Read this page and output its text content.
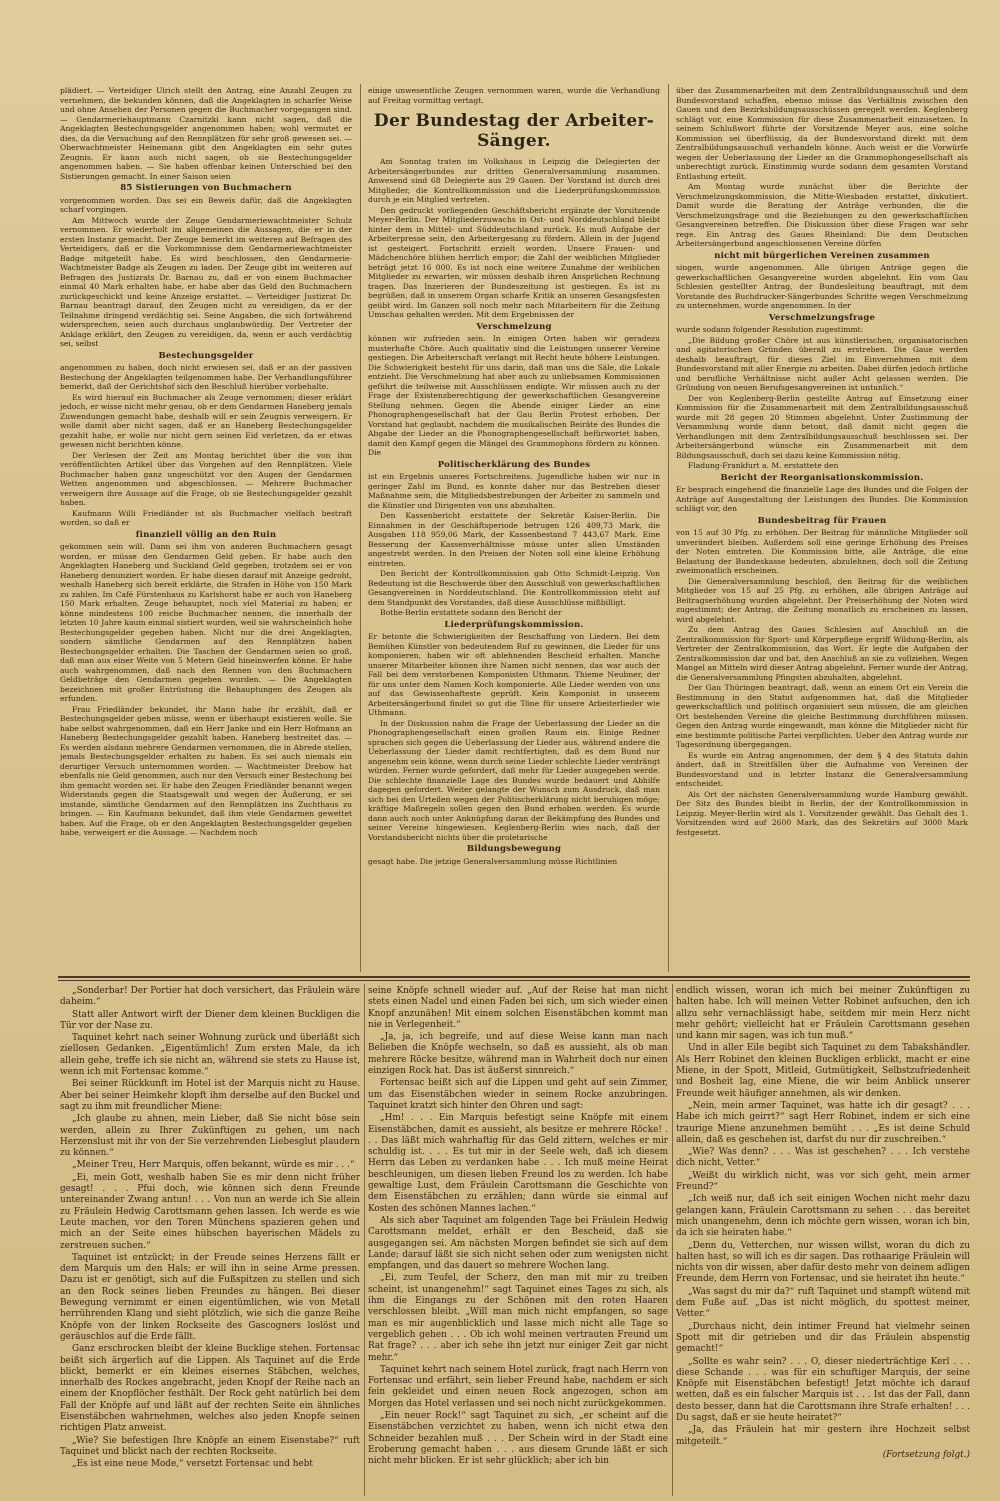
plädiert. — Verteidiger Ulrich stellt den Antrag, eine Anzahl Zeugen zu vernehmen, die bekunden können, daß die Angeklagten in scharfer Weise und ohne Ansehen der Personen gegen die Buchmacher vorgegangen sind. — Gendarmeriehauptmann Czarnitzki kann nicht sagen, daß die Angeklagten Bestechungsgelder angenommen haben; wohl vermutet er dies, da die Versuchung auf den Rennplätzen für sehr groß gewesen sei. — Oberwachtmeister Heinemann gibt den Angeklagten ein sehr gutes Zeugnis. Er kann auch nicht sagen, ob sie Bestechungsgelder angenommen haben. — Sie haben offenbar keinen Unterschied bei den Sistierungen gemacht. In einer Saison seien

85 Sistierungen von Buchmachern

vorgenommen worden. Das sei ein Beweis dafür, daß die Angeklagten scharf vorgingen.

Am Mittwoch wurde der Zeuge Gendarmeriewachtmeister Schulz vernommen. Er wiederholt im allgemeinen die Aussagen, die er in der ersten Instanz gemacht. Der Zeuge bemerkt im weiteren auf Befragen des Verteidigers, daß er die Vorkommnisse dem Gendarmeriewachtmeister Badge mitgeteilt habe. Es wird beschlossen, den Gendarmerie-Wachtmeister Badge als Zeugen zu laden. Der Zeuge gibt im weiteren auf Befragen des Justizrats Dr. Barnau zu, daß er von einem Buchmacher einmal 40 Mark erhalten habe, er habe aber das Geld den Buchmachern zurückgeschickt und keine Anzeige erstattet. — Verteidiger Justizrat Dr. Barnau beantragt darauf, den Zeugen nicht zu vereidigen, da er der Teilnahme dringend verdächtig sei. Seine Angaben, die sich fortwährend widersprechen, seien auch durchaus unglaubwürdig. Der Vertreter der Anklage erklärt, den Zeugen zu vereidigen, da, wenn er auch verdächtig sei, selbst

Bestechungsgelder

angenommen zu haben, doch nicht erwiesen sei, daß er an der passiven Bestechung der Angeklagten teilgenommen habe. Der Verhandlungsführer bemerkt, daß der Gerichtshof sich den Beschluß hierüber vorbehalte.

Es wird hierauf ein Buchmacher als Zeuge vernommen; dieser erklärt jedoch, er wisse nicht mehr genau, ob er dem Gendarmen Haneberg jemals Zuwendungen gemacht habe, deshalb will er sein Zeugnis verweigern. Er wolle damit aber nicht sagen, daß er an Haneberg Bestechungsgelder gezahlt habe, er wolle nur nicht gern seinen Eid verletzen, da er etwas gewesen nicht berichten könne.

Der Verlesen der Zeit am Montag berichtet über die von ihm veröffentlichten Artikel über das Vorgehen auf den Rennplätzen. Viele Buchmacher haben ganz ungeschützt vor den Augen der Gendarmen Wetten angenommen und abgeschlossen. — Mehrere Buchmacher verweigern ihre Aussage auf die Frage, ob sie Bestechungsgelder gezahlt haben.

Kaufmann Willi Friedländer ist als Buchmacher vielfach bestraft worden, so daß er

finanziell völlig an den Ruin

gekommen sein will. Dann sei ihm von anderen Buchmachern gesagt worden, er müsse den Gendarmen Geld geben. Er habe auch den Angeklagten Haneberg und Suckland Geld gegeben, trotzdem sei er von Haneberg denunziert worden. Er habe diesen darauf mit Anzeige gedroht, weshalb Haneberg sich bereit erklärte, die Strafen in Höhe von 150 Mark zu zahlen. Im Café Fürstenhaus zu Karlshorst habe er auch von Haneberg 150 Mark erhalten. Zeuge behauptet, noch viel Material zu haben; er könne mindestens 100 reiche Buchmacher nennen, die innerhalb der letzten 10 Jahre kaum einmal sistiert wurden, weil sie wahrscheinlich hohe Bestechungsgelder gegeben haben. Nicht nur die drei Angeklagten, sondern sämtliche Gendarmen auf den Rennplätzen haben Bestechungsgelder erhalten. Die Taschen der Gendarmen seien so groß, daß man aus einer Weite von 5 Metern Geld hineinwerfen könne. Er habe auch wahrgenommen, daß nach den Rennen von den Buchmachern Geldbeträge den Gendarmen gegeben wurden. — Die Angeklagten bezeichnen mit großer Entrüstung die Behauptungen des Zeugen als erfunden.

Frau Friedländer bekundet, ihr Mann habe ihr erzählt, daß er Bestechungsgelder geben müsse, wenn er überhaupt existieren wolle. Sie habe selbst wahrgenommen, daß ein Herr Janke und ein Herr Hofmann an Haneberg Bestechungsgelder gezahlt haben. Haneberg bestreitet das. — Es werden alsdann mehrere Gendarmen vernommen, die in Abrede stellen, jemals Bestechungsgelder erhalten zu haben. Es sei auch niemals ein derartiger Versuch unternommen worden. — Wachtmeister Drebow hat ebenfalls nie Geld genommen, auch nur den Versuch einer Bestechung bei ihm gemacht worden sei. Er habe den Zeugen Friedländer benannt wegen Widerstands gegen die Staatsgewalt und wegen der Äußerung, er sei imstande, sämtliche Gendarmen auf den Rennplätzen ins Zuchthaus zu bringen. — Ein Kaufmann bekundet, daß ihm viele Gendarmen gewettet haben. Auf die Frage, ob er den Angeklagten Bestechungsgelder gegeben habe, verweigert er die Aussage. — Nachdem noch

einige unwesentliche Zeugen vernommen waren, wurde die Verhandlung auf Freitag vormittag vertagt.

Der Bundestag der Arbeiter-Sänger.

Am Sonntag traten im Volkshaus in Leipzig die Delegierten der Arbeitersängerbundes zur dritten Generalversammlung zusammen. Anwesend sind 68 Delegierte aus 29 Gauen. Der Vorstand ist durch drei Mitglieder, die Kontrollkommission und die Liederprüfungskommission durch je ein Mitglied vertreten.

Den gedruckt vorliegenden Geschäftsbericht ergänzte der Vorsitzende Meyer-Berlin. Der Mitgliederzuwachs in Ost- und Norddeutschland bleibt hinter dem in Mittel- und Süddeutschland zurück. Es muß Aufgabe der Arbeiterpresse sein, den Arbeitergesang zu fördern. Allein in der Jugend ist gesteigert. Fortschritt erzielt worden. Unsere Frauen- und Mädchenchöre blühen herrlich empor; die Zahl der weiblichen Mitglieder beträgt jetzt 16 000. Es ist noch eine weitere Zunahme der weiblichen Mitglieder zu erwarten, wir müssen deshalb ihren Ansprüchen Rechnung tragen. Das Inzerieren der Bundeszeitung ist gestiegen. Es ist zu begrüßen, daß in unserem Organ scharfe Kritik an unseren Gesangsfesten geübt wird. Im Ganzen soll noch mehr nach Mitarbeitern für die Zeitung Umschau gehalten werden. Mit dem Ergebnissen der

Verschmelzung

können wir zufrieden sein. In einigen Orten haben wir geradezu musterhafte Chöre. Auch qualitativ sind die Leistungen unserer Vereine gestiegen. Die Arbeiterschaft verlangt mit Recht heute höhere Leistungen. Die Schwierigkeit besteht für uns darin, daß man uns die Säle, die Lokale entzieht. Die Verschmelzung hat aber auch zu unliebsamen Kommissionen geführt die teilweise mit Ausschlüssen endigte. Wir müssen auch zu der Frage der Existenzberechtigung der gewerkschaftlichen Gesangvereine Stellung nehmen. Gegen die Abende einiger Lieder an eine Phonographengesellschaft hat der Gau Berlin Protest erhoben. Der Vorstand hat geglaubt, nachdem die musikalischen Beiräte des Bundes die Abgabe der Lieder an die Phonographengesellschaft befürwortet haben, damit den Kampf gegen die Mängel des Grammophons fördern zu können. Die

Politischerklärung des Bundes

ist ein Ergebnis unseres Fortschreitens. Jugendliche haben wir nur in geringer Zahl im Bund, es konnte daher nur das Bestreben dieser Maßnahme sein, die Mitgliedsbestrebungen der Arbeiter zu sammeln und die Künstler und Dirigenten von uns abzuhalten.

Den Kassenbericht erstattete der Sekretär Kaiser-Berlin. Die Einnahmen in der Geschäftsperiode betrugen 126 409,73 Mark, die Ausgaben 118 959,06 Mark, der Kassenbestand 7 443,67 Mark. Eine Besserung der Kassenverhältnisse müsse unter allen Umständen angestrebt werden. In den Preisen der Noten soll eine kleine Erhöhung eintreten.

Den Bericht der Kontrollkommission gab Otto Schmidt-Leipzig. Von Bedeutung ist die Beschwerde über den Ausschluß von gewerkschaftlichen Gesangvereinen in Norddeutschland. Die Kontrollkommission steht auf dem Standpunkt des Vorstandes, daß diese Ausschlüsse mißbilligt.

Bothe-Berlin erstattete sodann den Bericht der

Liederprüfungskommission.

Er betonte die Schwierigkeiten der Beschaffung von Liedern. Bei dem Bemühen Künstler von bedeutendem Ruf zu gewinnen, die Lieder für uns komponieren, haben wir oft ablehnenden Bescheid erhalten. Manche unserer Mitarbeiter können ihre Namen nicht nennen, das war auch der Fall bei dem verstorbenen Komponisten Uthmann. Thieme Neubner, der für uns unter dem Namen Koch komponierte. Alle Lieder werden von uns auf das Gewissenhafteste geprüft. Kein Komponist in unserem Arbeitersängerbund findet so gut die Töne für unsere Arbeiterlieder wie Uthmann.

In der Diskussion nahm die Frage der Ueberlassung der Lieder an die Phonographengesellschaft einen großen Raum ein. Einige Redner sprachen sich gegen die Ueberlassung der Lieder aus, während andere die Ueberlassung der Lieder damit rechtfertigten, daß es dem Bund nur angenehm sein könne, wenn durch seine Lieder schlechte Lieder verdrängt würden. Ferner wurde gefordert, daß mehr für Lieder ausgegeben werde. Die schlechte finanzielle Lage des Bundes wurde bedauert und Abhilfe dagegen gefordert. Weiter gelangte der Wunsch zum Ausdruck, daß man sich bei den Urteilen wegen der Politischerklärung nicht beruhigen möge; kräftige Maßregeln sollen gegen den Bund erhoben werden. Es wurde dann auch noch unter Anknüpfung daran der Bekämpfung des Bundes und seiner Vereine hingewiesen. Keglenberg-Berlin wies nach, daß der Vorstandsbericht nichts über die proletarische

Bildungsbewegung

gesagt habe. Die jetzige Generalversammlung müsse Richtlinien

über das Zusammenarbeiten mit dem Zentralbildungsausschuß und dem Bundesvorstand schaffen, ebenso müsse das Verhältnis zwischen den Gauen und den Bezirksbildungsausschüssen geregelt werden. Keglenberg schlägt vor, eine Kommission für diese Zusammenarbeit einzusetzen. In seinem Schlußwort führte der Vorsitzende Meyer aus, eine solche Kommission sei überflüssig, da der Bundesvorstand direkt mit dem Zentralbildungsausschuß verhandeln könne. Auch weist er die Vorwürfe wegen der Ueberlassung der Lieder an die Grammophongesellschaft als unberechtigt zurück. Einstimmig wurde sodann dem gesamten Vorstand Entlastung erteilt.

Am Montag wurde zunächst über die Berichte der Verschmelzungskommission, die Mitte-Wiesbaden erstattet, diskutiert. Damit wurde die Beratung der Anträge verbunden, die die Verschmelzungsfrage und die Beziehungen zu den gewerkschaftlichen Gesangvereinen betreffen. Die Diskussion über diese Fragen war sehr rege. Ein Antrag des Gaues Rheinland: Die dem Deutschen Arbeitersängerbund angeschlossenen Vereine dürfen

nicht mit bürgerlichen Vereinen zusammen

singen, wurde angenommen. Alle übrigen Anträge gegen die gewerkschaftlichen Gesangvereine wurden abgelehnt. Ein vom Gau Schlesien gestellter Antrag, der Bundesleitung beauftragt, mit dem Vorstande des Buchdrucker-Sängerbundes Schritte wegen Verschmelzung zu unternehmen, wurde angenommen. In der

Verschmelzungsfrage

wurde sodann folgender Resolution zugestimmt:

„Die Bildung großer Chöre ist aus künstlerischen, organisatorischen und agitatorischen Gründen überall zu erstreben. Die Gaue werden deshalb beauftragt, für dieses Ziel im Einvernehmen mit dem Bundesvorstand mit aller Energie zu arbeiten. Dabei dürfen jedoch örtliche und berufliche Verhältnisse nicht außer Acht gelassen werden. Die Gründung von neuen Berufsgesangvereinen ist untunlich.“

Der von Keglenberg-Berlin gestellte Antrag auf Einsetzung einer Kommission für die Zusammenarbeit mit dem Zentralbildungsausschuß wurde mit 28 gegen 20 Stimmen abgelehnt. Unter Zustimmung der Versammlung wurde dann betont, daß damit nicht gegen die Verhandlungen mit dem Zentralbildungsausschuß beschlossen sei. Der Arbeitersängerbund wünsche ein Zusammenarbeit mit dem Bildungsausschuß, doch sei dazu keine Kommission nötig.

Fladung-Frankfurt a. M. erstattete den

Bericht der Reorganisationskommission.

Er besprach eingehend die finanzielle Lage des Bundes und die Folgen der Anträge auf Ausgestaltung der Leistungen des Bundes. Die Kommission schlägt vor, den

Bundesbeitrag für Frauen

von 15 auf 30 Pfg. zu erhöhen. Der Beitrag für männliche Mitglieder soll unverändert bleiben. Außerdem soll eine geringe Erhöhung des Preises der Noten eintreten. Die Kommission bitte, alle Anträge, die eine Belastung der Bundeskasse bedeuten, abzulehnen, doch soll die Zeitung zweimonatlich erscheinen.

Die Generalversammlung beschloß, den Beitrag für die weiblichen Mitglieder von 15 auf 25 Pfg. zu erhöhen, alle übrigen Anträge auf Beitragserhöhung wurden abgelehnt. Der Preiserhöhung der Noten wird zugestimmt; der Antrag, die Zeitung monatlich zu erscheinen zu lassen, wird abgelehnt.

Zu dem Antrag des Gaues Schlesien auf Anschluß an die Zentralkommission für Sport- und Körperpflege ergriff Wildung-Berlin, als Vertreter der Zentralkommission, das Wort. Er legte die Aufgaben der Zentralkommission dar und bat, den Anschluß an sie zu vollziehen. Wegen Mangel an Mitteln wird dieser Antrag abgelehnt. Ferner wurde der Antrag, die Generalversammlung Pfingsten abzuhalten, abgelehnt.

Der Gau Thüringen beantragt, daß, wenn an einem Ort ein Verein die Bestimmung in den Statut aufgenommen hat, daß die Mitglieder gewerkschaftlich und politisch organisiert sein müssen, die am gleichen Ort bestehenden Vereine die gleiche Bestimmung durchführen müssen. Gegen den Antrag wurde eingewandt, man könne die Mitglieder nicht für eine bestimmte politische Partei verpflichten. Ueber den Antrag wurde zur Tagesordnung übergegangen.

Es wurde ein Antrag angenommen, der dem § 4 des Statuts dahin ändert, daß in Streitfällen über die Aufnahme von Vereinen der Bundesvorstand und in letzter Instanz die Generalversammlung entscheidet.

Als Ort der nächsten Generalversammlung wurde Hamburg gewählt. Der Sitz des Bundes bleibt in Berlin, der der Kontrollkommission in Leipzig. Meyer-Berlin wird als 1. Vorsitzender gewählt. Das Gehalt des 1. Vorsitzenden wird auf 2600 Mark, das des Sekretärs auf 3000 Mark festgesetzt.

„Sonderbar! Der Portier hat doch versichert, das Fräulein wäre daheim.“

Statt aller Antwort wirft der Diener dem kleinen Buckligen die Tür vor der Nase zu.

Taquinet kehrt nach seiner Wohnung zurück und überläßt sich ziellosen Gedanken. „Eigentümlich! Zum ersten Male, da ich allein gehe, treffe ich sie nicht an, während sie stets zu Hause ist, wenn ich mit Fortensac komme.“

Bei seiner Rückkunft im Hotel ist der Marquis nicht zu Hause. Aber bei seiner Heimkehr klopft ihm derselbe auf den Buckel und sagt zu ihm mit freundlicher Miene:

„Ich glaube zu ahnen, mein Lieber, daß Sie nicht böse sein werden, allein zu Ihrer Zukünftigen zu gehen, um nach Herzenslust mit ihr von der Sie verzehrenden Liebesglut plaudern zu können.“

„Meiner Treu, Herr Marquis, offen bekannt, würde es mir . . .“

„Ei, mein Gott, weshalb haben Sie es mir denn nicht früher gesagt! . . . Pfui doch, wie können sich denn Freunde untereinander Zwang antun! . . . Von nun an werde ich Sie allein zu Fräulein Hedwig Carottsmann gehen lassen. Ich werde es wie Leute machen, vor den Toren Münchens spazieren gehen und mich an der Seite eines hübschen bayerischen Mädels zu zerstreuen suchen.“

Taquinet ist entzückt; in der Freude seines Herzens fällt er dem Marquis um den Hals; er will ihn in seine Arme pressen. Dazu ist er genötigt, sich auf die Fußspitzen zu stellen und sich an den Rock seines lieben Freundes zu hängen. Bei dieser Bewegung vernimmt er einen eigentümlichen, wie von Metall herrührenden Klang und sieht plötzlich, wie sich die ganze Reihe Knöpfe von der linken Rockseite des Gascogners loslöst und geräuschlos auf die Erde fällt.

Ganz erschrocken bleibt der kleine Bucklige stehen. Fortensac beißt sich ärgerlich auf die Lippen. Als Taquinet auf die Erde blickt, bemerkt er ein kleines eisernes Stäbchen, welches, innerhalb des Rockes angebracht, jeden Knopf der Reihe nach an einem der Knopflöcher festhält. Der Rock geht natürlich bei dem Fall der Knöpfe auf und läßt auf der rechten Seite ein ähnliches Eisenstäbchen wahrnehmen, welches also jeden Knopfe seinen richtigen Platz anweist.

„Wie? Sie befestigen Ihre Knöpfe an einem Eisenstabe?“ ruft Taquinet und blickt nach der rechten Rockseite.

„Es ist eine neue Mode,“ versetzt Fortensac und hebt

seine Knöpfe schnell wieder auf. „Auf der Reise hat man nicht stets einen Nadel und einen Faden bei sich, um sich wieder einen Knopf anzunähen! Mit einem solchen Eisenstäbchen kommt man nie in Verlegenheit.“

„Ja, ja, ich begreife, und auf diese Weise kann man nach Belieben die Knöpfe wechseln, so daß es aussieht, als ob man mehrere Röcke besitze, während man in Wahrheit doch nur einen einzigen Rock hat. Das ist äußerst sinnreich.“

Fortensac beißt sich auf die Lippen und geht auf sein Zimmer, um das Eisenstäbchen wieder in seinem Rocke anzubringen. Taquinet kratzt sich hinter den Ohren und sagt:

„Hm! . . . Ein Marquis befestigt seine Knöpfe mit einem Eisenstäbchen, damit es aussieht, als besitze er mehrere Röcke! . . . Das läßt mich wahrhaftig für das Geld zittern, welches er mir schuldig ist. . . . Es tut mir in der Seele weh, daß ich diesem Herrn das Leben zu verdanken habe . . . Ich muß meine Heirat beschleunigen, um diesen lieben Freund los zu werden. Ich habe gewaltige Lust, dem Fräulein Carottsmann die Geschichte von dem Eisenstäbchen zu erzählen; dann würde sie einmal auf Kosten des schönen Mannes lachen.“

Als sich aber Taquinet am folgenden Tage bei Fräulein Hedwig Carottsmann meldet, erhält er den Bescheid, daß sie ausgegangen sei. Am nächsten Morgen befindet sie sich auf dem Lande; darauf läßt sie sich nicht sehen oder zum wenigsten nicht empfangen, und das dauert so mehrere Wochen lang.

„Ei, zum Teufel, der Scherz, den man mit mir zu treiben scheint, ist unangenehm!“ sagt Taquinet eines Tages zu sich, als ihm die Eingangs zu der Schönen mit den roten Haaren verschlossen bleibt. „Will man mich nicht empfangen, so sage man es mir augenblicklich und lasse mich nicht alle Tage so vergeblich gehen . . . Ob ich wohl meinen vertrauten Freund um Rat frage? . . . aber ich sehe ihn jetzt nur einiger Zeit gar nicht mehr.“

Taquinet kehrt nach seinem Hotel zurück, fragt nach Herrn von Fortensac und erfährt, sein lieber Freund habe, nachdem er sich fein gekleidet und einen neuen Rock angezogen, schon am Morgen das Hotel verlassen und sei noch nicht zurückgekommen.

„Ein neuer Rock!“ sagt Taquinet zu sich, „er scheint auf die Eisenstäbchen verzichtet zu haben, wenn ich nicht etwa den Schneider bezahlen muß . . . Der Schein wird in der Stadt eine Eroberung gemacht haben . . . aus diesem Grunde läßt er sich nicht mehr blicken. Er ist sehr glücklich; aber ich bin

endlich wissen, woran ich mich bei meiner Zukünftigen zu halten habe. Ich will meinen Vetter Robinet aufsuchen, den ich allzu sehr vernachlässigt habe, seitdem mir mein Herz nicht mehr gehört; vielleicht hat er Fräulein Carottsmann gesehen und kann mir sagen, was ich tun muß.“

Und in aller Eile begibt sich Taquinet zu dem Tabakshändler. Als Herr Robinet den kleinen Buckligen erblickt, macht er eine Miene, in der Spott, Mitleid, Gutmütigkeit, Selbstzufriedenheit und Bosheit lag, eine Miene, die wir beim Anblick unserer Freunde weit häufiger annehmen, als wir denken.

„Nein, mein armer Taquinet, was hatte ich dir gesagt? . . . Habe ich mich geirrt?“ sagt Herr Robinet, indem er sich eine traurige Miene anzunehmen bemüht . . . „Es ist deine Schuld allein, daß es geschehen ist, darfst du nur dir zuschreiben.“

„Wie? Was denn? . . . Was ist geschehen? . . . Ich verstehe dich nicht, Vetter.“

„Weißt du wirklich nicht, was vor sich geht, mein armer Freund?“

„Ich weiß nur, daß ich seit einigen Wochen nicht mehr dazu gelangen kann, Fräulein Carottsmann zu sehen . . . das bereitet mich unangenehm, denn ich möchte gern wissen, woran ich bin, da ich sie heiraten habe.“

„Denn du, Vetterchen, nur wissen willst, woran du dich zu halten hast, so will ich es dir sagen. Das rothaarige Fräulein will nichts von dir wissen, aber dafür desto mehr von deinem adligen Freunde, dem Herrn von Fortensac, und sie heiratet ihn heute.“

„Was sagst du mir da?“ ruft Taquinet und stampft wütend mit dem Fuße auf. „Das ist nicht möglich, du spottest meiner, Vetter.“

„Durchaus nicht, dein intimer Freund hat vielmehr seinen Spott mit dir getrieben und dir das Fräulein abspenstig gemacht!“

„Sollte es wahr sein? . . . O, dieser niederträchtige Kerl . . . diese Schande . . . was für ein schuftiger Marquis, der seine Knöpfe mit Eisenstäbchen befestigt! Jetzt möchte ich darauf wetten, daß es ein falscher Marquis ist . . . Ist das der Fall, dann desto besser, dann hat die Carottsmann ihre Strafe erhalten! . . . Du sagst, daß er sie heute heiratet?“

„Ja, das Fräulein hat mir gestern ihre Hochzeit selbst mitgeteilt.“

(Fortsetzung folgt.)
